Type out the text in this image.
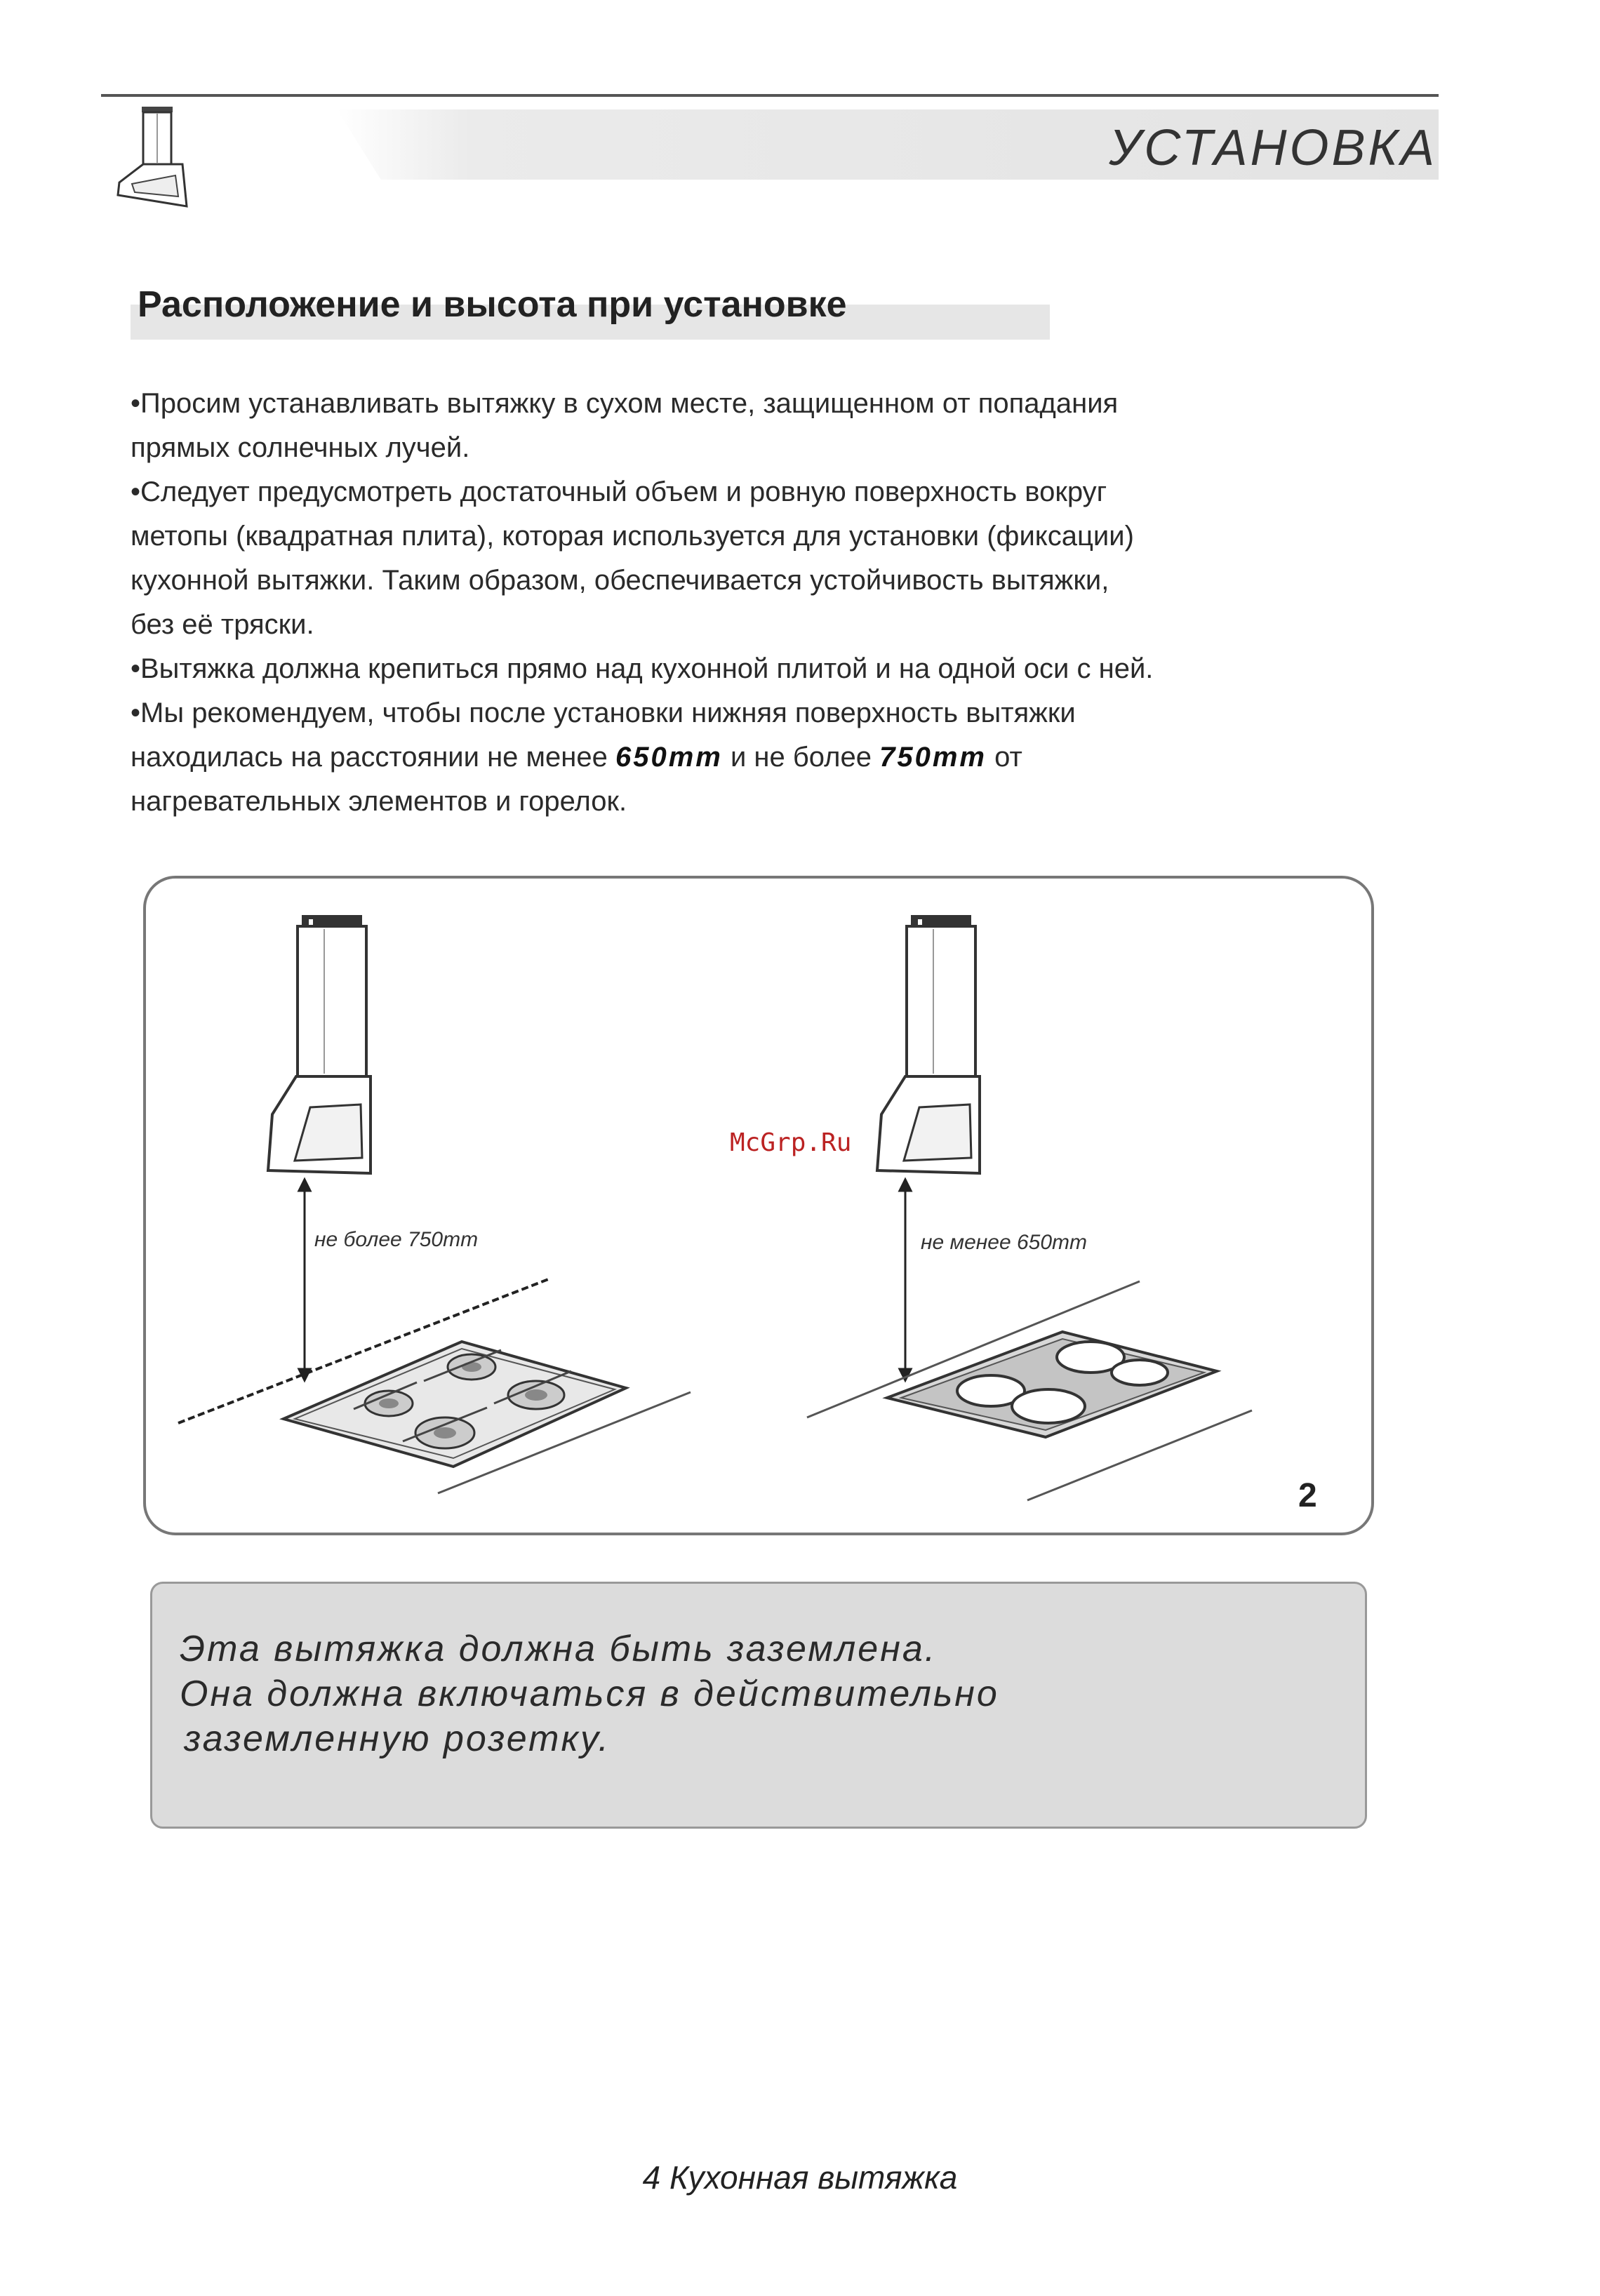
УСТАНОВКА
Расположение и высота при установке

•Просим устанавливать вытяжку в сухом месте, защищенном от попадания

прямых солнечных лучей.

•Следует предусмотреть достаточный объем и ровную поверхность вокруг

метопы (квадратная плита), которая используется для установки (фиксации)

кухонной вытяжки. Таким образом, обеспечивается устойчивость вытяжки,

без её тряски.

•Вытяжка должна крепиться прямо над кухонной плитой и на одной оси с ней.

•Мы рекомендуем, чтобы после установки нижняя поверхность вытяжки

находилась на расстоянии не менее 650mm и не более 750mm от

нагревательных элементов и горелок.

не более 750mm	не менее 650mm
McGrp.Ru
2

Эта вытяжка должна быть заземлена.

Она должна включаться в действительно

заземленную розетку.

4 Кухонная вытяжка
